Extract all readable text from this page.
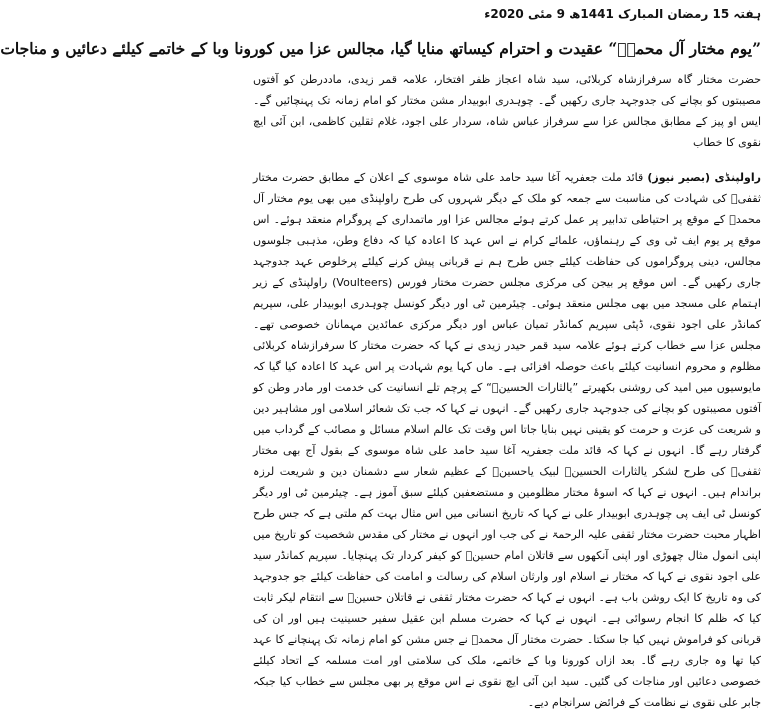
ہفتہ 15 رمضان المبارک 1441ھ 9 مئی 2020ء
”یوم مختار آل محمدؐ“ عقیدت و احترام کیساتھ منایا گیا، مجالس عزا میں کورونا وبا کے خاتمے کیلئے دعائیں و مناجات

حضرت مختار گاہ سرفرازشاہ کربلائی، سید شاہ اعجاز ظفر افتخار، علامہ قمر زیدی، ماددرطن کو آفتوں مصیبتوں کو بچانے کی جدوجہد جاری رکھیں گے۔ چوہدری ابوبیدار مشن مختار کو امام زمانہ تک پہنچائیں گے۔ ایس او پیز کے مطابق مجالس عزا سے سرفراز عباس شاہ، سردار علی اجود، غلام ثقلین کاظمی، ابن آئی ایچ نقوی کا خطاب

راولپنڈی (بصیر نیوز) قائد ملت جعفریہ آغا سید حامد علی شاہ موسوی کے اعلان کے مطابق حضرت مختار ثقفیؒ کی شہادت کی مناسبت سے جمعہ کو ملک کے دیگر شہروں کی طرح راولپنڈی میں بھی یوم مختار آل محمدؐ کے موقع پر احتیاطی تدابیر پر عمل کرتے ہوئے مجالس عزا اور ماتمداری کے پروگرام منعقد ہوئے۔ اس موقع پر یوم ایف ٹی وی کے رہنماؤں، علمائے کرام نے اس عہد کا اعادہ کیا کہ دفاع وطن، مذہبی جلوسوں مجالس، دینی پروگراموں کی حفاظت کیلئے جس طرح ہم نے قربانی پیش کرنے کیلئے پرخلوص عہد جدوجہد جاری رکھیں گے۔ اس موقع پر بیجن کی مرکزی مجلس حضرت مختار فورس (Voulteers) راولپنڈی کے زیر اہتمام علی مسجد میں بھی مجلس منعقد ہوئی۔ چیئرمین ٹی اور دیگر کونسل چوہدری ابوبیدار علی، سپریم کمانڈر علی اجود نقوی، ڈپٹی سپریم کمانڈر تمیان عباس اور دیگر مرکزی عمائدین مہمانان خصوصی تھے۔ مجلس عزا سے خطاب کرتے ہوئے علامہ سید قمر حیدر زیدی نے کہا کہ حضرت مختار کا سرفرازشاہ کربلائی مظلوم و محروم انسانیت کیلئے باعث حوصلہ افزائی ہے۔ ماں کہا یوم شہادت پر اس عہد کا اعادہ کیا گیا کہ مایوسیوں میں امید کی روشنی بکھیرتے ”یالثارات الحسینؑ“ کے پرچم تلے انسانیت کی خدمت اور مادر وطن کو آفتوں مصیبتوں کو بچانے کی جدوجہد جاری رکھیں گے۔ انہوں نے کہا کہ جب تک شعائر اسلامی اور مشاہیر دین و شریعت کی عزت و حرمت کو یقینی نہیں بنایا جاتا اس وقت تک عالم اسلام مسائل و مصائب کے گرداب میں گرفتار رہے گا۔ انہوں نے کہا کہ قائد ملت جعفریہ آغا سید حامد علی شاہ موسوی کے بقول آج بھی مختار ثقفیؒ کی طرح لشکر یالثارات الحسینؑ لبیک یاحسینؑ کے عظیم شعار سے دشمنان دین و شریعت لرزہ براندام ہیں۔ انہوں نے کہا کہ اسوۂ مختار مظلومین و مستضعفین کیلئے سبق آموز ہے۔ چیئرمین ٹی اور دیگر کونسل ٹی ایف پی چوہدری ابوبیدار علی نے کہا کہ تاریخ انسانی میں اس مثال بہت کم ملتی ہے کہ جس طرح اظہار محبت حضرت مختار ثقفی علیہ الرحمۃ نے کی جب اور انہوں نے مختار کی مقدس شخصیت کو تاریخ میں اپنی انمول مثال چھوڑی اور اپنی آنکھوں سے قاتلان امام حسینؑ کو کیفر کردار تک پہنچایا۔ سپریم کمانڈر سید علی اجود نقوی نے کہا کہ مختار نے اسلام اور وارثان اسلام کی رسالت و امامت کی حفاظت کیلئے جو جدوجہد کی وہ تاریخ کا ایک روشن باب ہے۔ انہوں نے کہا کہ حضرت مختار ثقفی نے قاتلان حسینؑ سے انتقام لیکر ثابت کیا کہ ظلم کا انجام رسوائی ہے۔ انہوں نے کہا کہ حضرت مسلم ابن عقیل سفیر حسینیت ہیں اور ان کی قربانی کو فراموش نہیں کیا جا سکتا۔ حضرت مختار آل محمدؐ نے جس مشن کو امام زمانہ تک پہنچانے کا عہد کیا تھا وہ جاری رہے گا۔ بعد ازاں کورونا وبا کے خاتمے، ملک کی سلامتی اور امت مسلمہ کے اتحاد کیلئے خصوصی دعائیں اور مناجات کی گئیں۔ سید ابن آئی ایچ نقوی نے اس موقع پر بھی مجلس سے خطاب کیا جبکہ جابر علی نقوی نے نظامت کے فرائض سرانجام دیے۔
